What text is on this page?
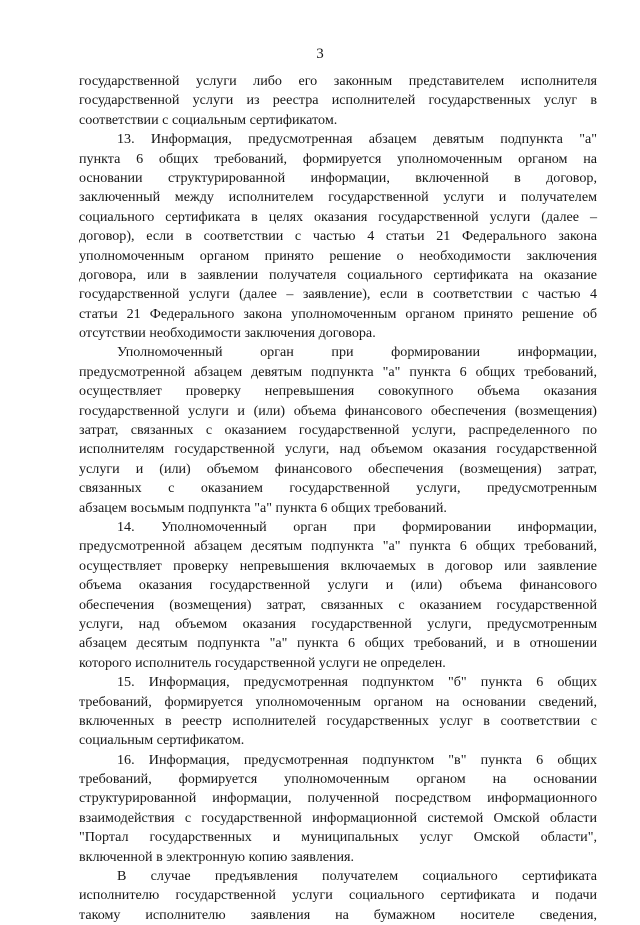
3
государственной услуги либо его законным представителем исполнителя
государственной услуги из реестра исполнителей государственных услуг в
соответствии с социальным сертификатом.
13. Информация, предусмотренная абзацем девятым подпункта "а"
пункта 6 общих требований, формируется уполномоченным органом на
основании структурированной информации, включенной в договор,
заключенный между исполнителем государственной услуги и получателем
социального сертификата в целях оказания государственной услуги (далее –
договор), если в соответствии с частью 4 статьи 21 Федерального закона
уполномоченным органом принято решение о необходимости заключения
договора, или в заявлении получателя социального сертификата на оказание
государственной услуги (далее – заявление), если в соответствии с частью 4
статьи 21 Федерального закона уполномоченным органом принято решение об
отсутствии необходимости заключения договора.
Уполномоченный орган при формировании информации,
предусмотренной абзацем девятым подпункта "а" пункта 6 общих требований,
осуществляет проверку непревышения совокупного объема оказания
государственной услуги и (или) объема финансового обеспечения (возмещения)
затрат, связанных с оказанием государственной услуги, распределенного по
исполнителям государственной услуги, над объемом оказания государственной
услуги и (или) объемом финансового обеспечения (возмещения) затрат,
связанных с оказанием государственной услуги, предусмотренным
абзацем восьмым подпункта "а" пункта 6 общих требований.
14. Уполномоченный орган при формировании информации,
предусмотренной абзацем десятым подпункта "а" пункта 6 общих требований,
осуществляет проверку непревышения включаемых в договор или заявление
объема оказания государственной услуги и (или) объема финансового
обеспечения (возмещения) затрат, связанных с оказанием государственной
услуги, над объемом оказания государственной услуги, предусмотренным
абзацем десятым подпункта "а" пункта 6 общих требований, и в отношении
которого исполнитель государственной услуги не определен.
15. Информация, предусмотренная подпунктом "б" пункта 6 общих
требований, формируется уполномоченным органом на основании сведений,
включенных в реестр исполнителей государственных услуг в соответствии с
социальным сертификатом.
16. Информация, предусмотренная подпунктом "в" пункта 6 общих
требований, формируется уполномоченным органом на основании
структурированной информации, полученной посредством информационного
взаимодействия с государственной информационной системой Омской области
"Портал государственных и муниципальных услуг Омской области",
включенной в электронную копию заявления.
В случае предъявления получателем социального сертификата
исполнителю государственной услуги социального сертификата и подачи
такому исполнителю заявления на бумажном носителе сведения,
